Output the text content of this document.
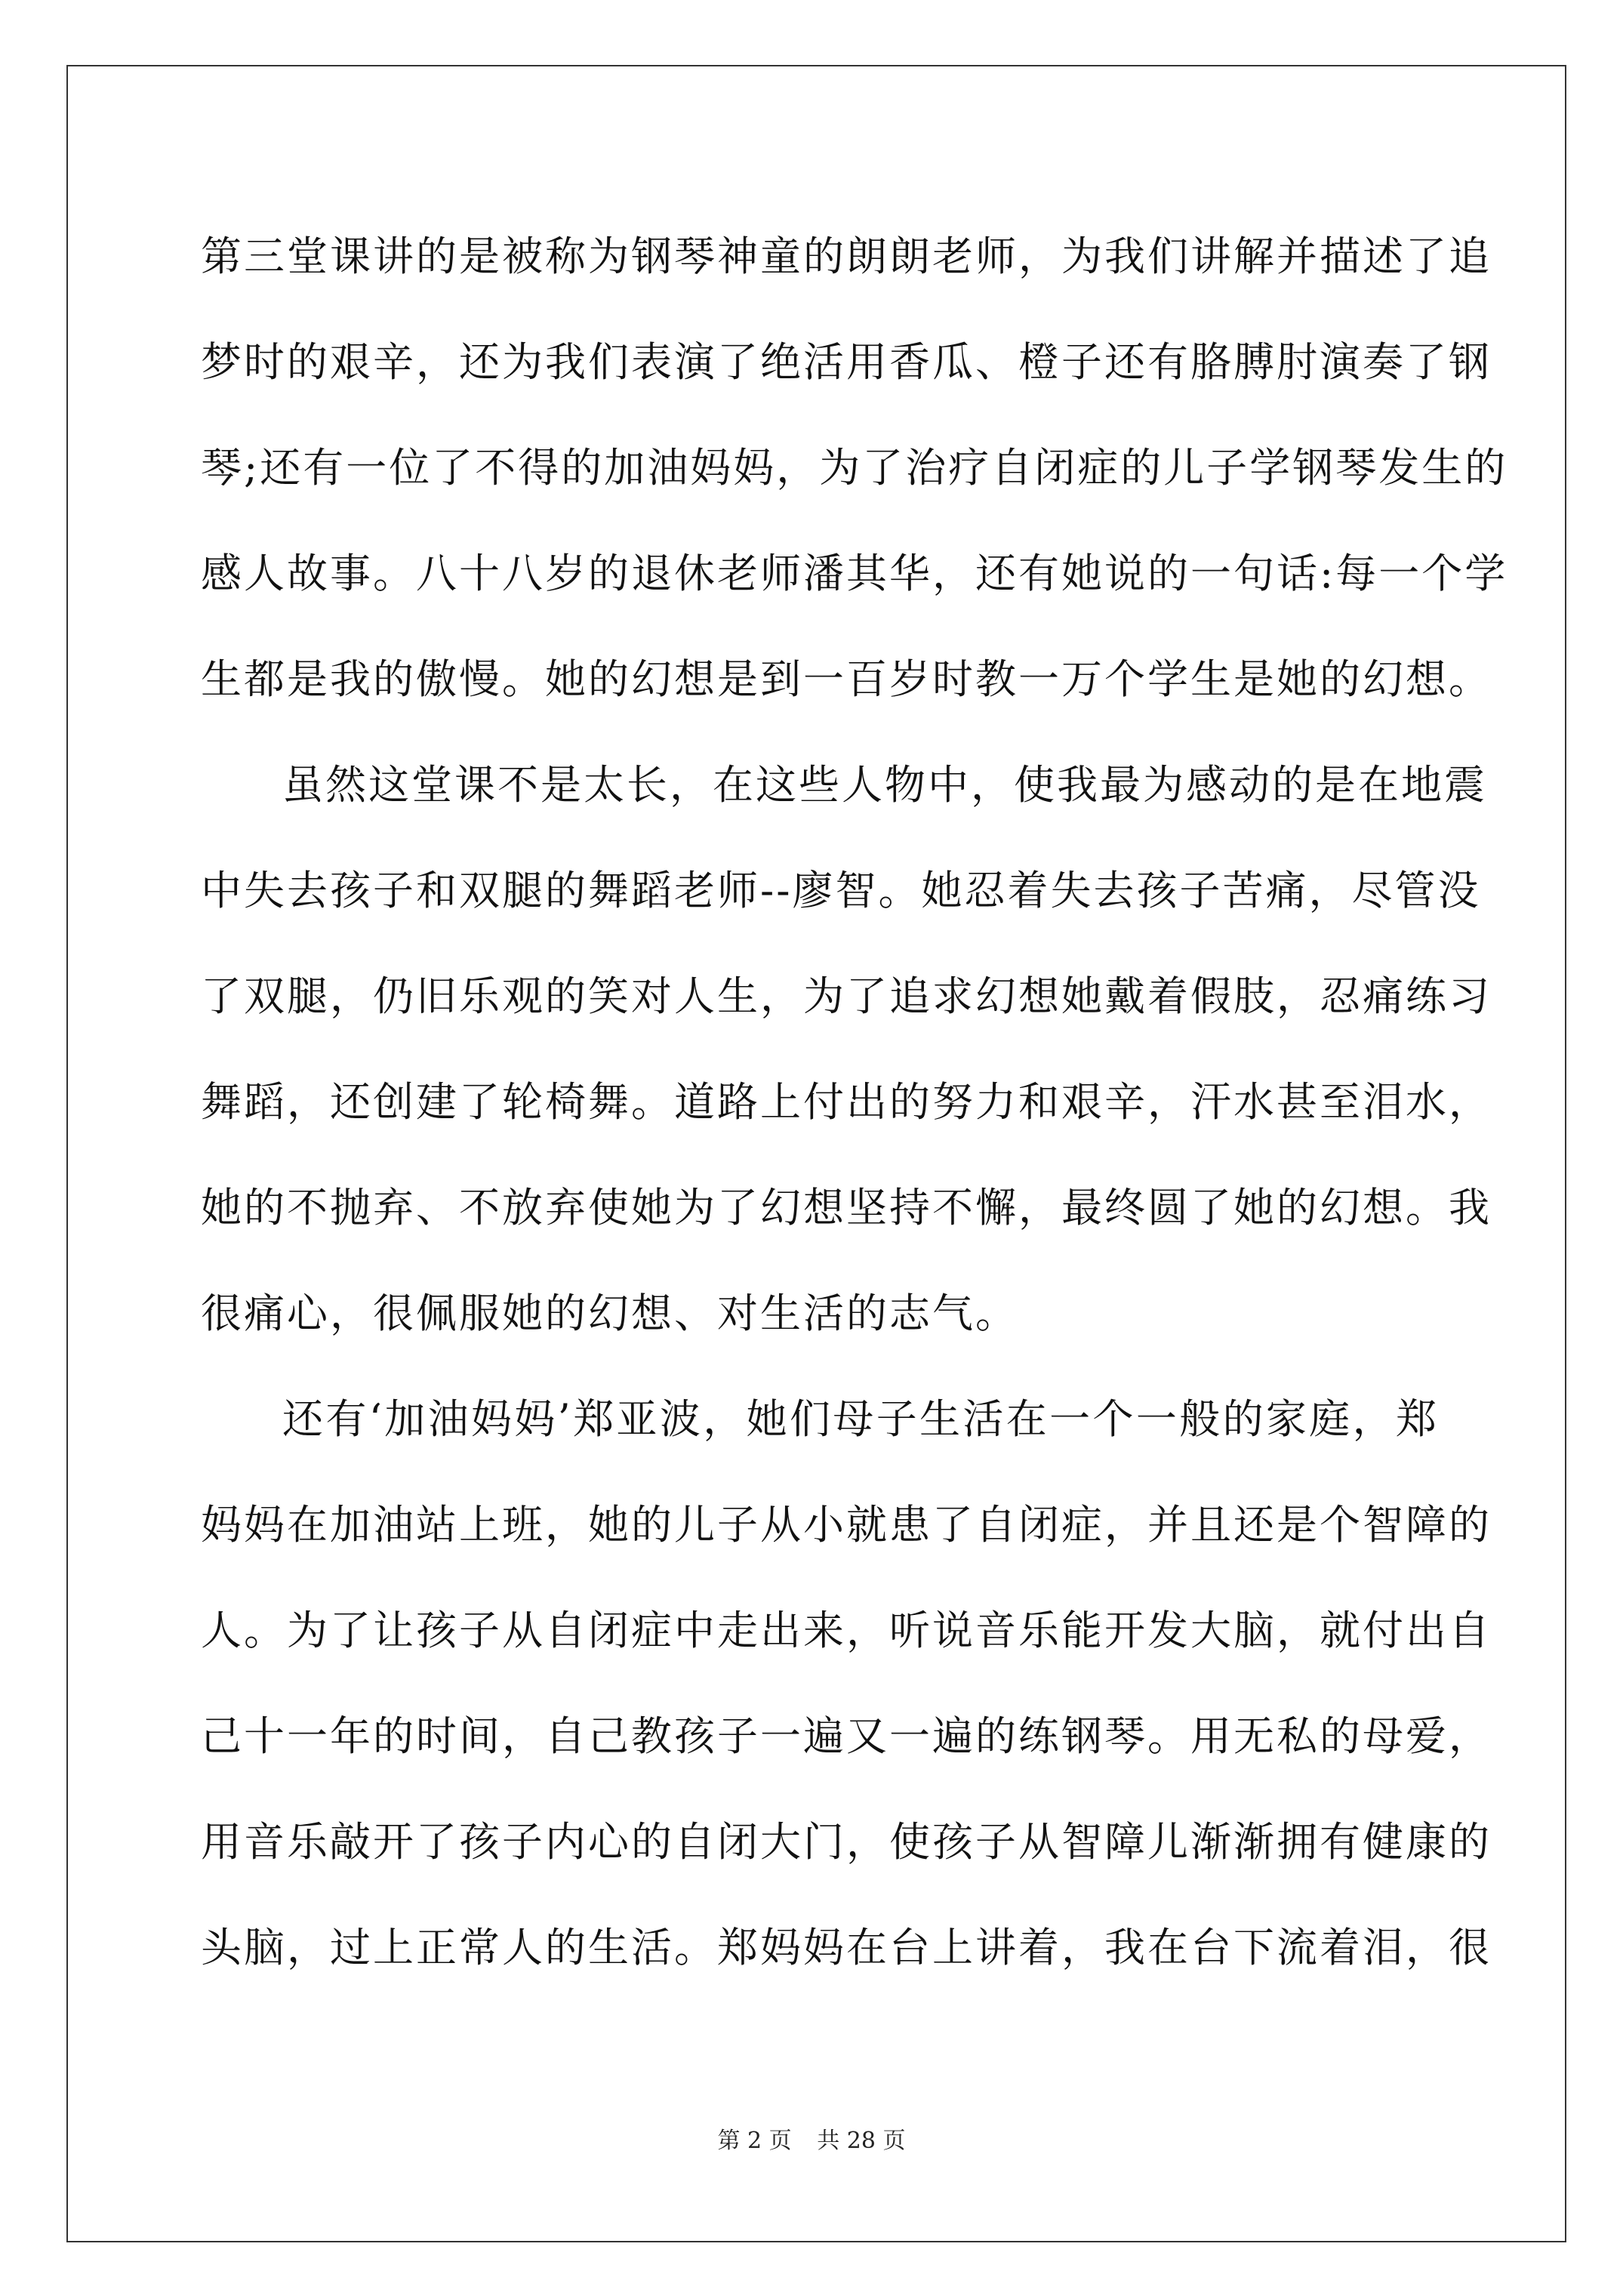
第三堂课讲的是被称为钢琴神童的朗朗老师，为我们讲解并描述了追
梦时的艰辛，还为我们表演了绝活用香瓜、橙子还有胳膊肘演奏了钢
琴;还有一位了不得的加油妈妈，为了治疗自闭症的儿子学钢琴发生的
感人故事。八十八岁的退休老师潘其华，还有她说的一句话:每一个学
生都是我的傲慢。她的幻想是到一百岁时教一万个学生是她的幻想。
虽然这堂课不是太长，在这些人物中，使我最为感动的是在地震
中失去孩子和双腿的舞蹈老师--廖智。她忍着失去孩子苦痛，尽管没
了双腿，仍旧乐观的笑对人生，为了追求幻想她戴着假肢，忍痛练习
舞蹈，还创建了轮椅舞。道路上付出的努力和艰辛，汗水甚至泪水，
她的不抛弃、不放弃使她为了幻想坚持不懈，最终圆了她的幻想。我
很痛心，很佩服她的幻想、对生活的志气。
还有‘加油妈妈’郑亚波，她们母子生活在一个一般的家庭，郑
妈妈在加油站上班，她的儿子从小就患了自闭症，并且还是个智障的
人。为了让孩子从自闭症中走出来，听说音乐能开发大脑，就付出自
己十一年的时间，自己教孩子一遍又一遍的练钢琴。用无私的母爱，
用音乐敲开了孩子内心的自闭大门，使孩子从智障儿渐渐拥有健康的
头脑，过上正常人的生活。郑妈妈在台上讲着，我在台下流着泪，很
第 2 页 共 28 页
